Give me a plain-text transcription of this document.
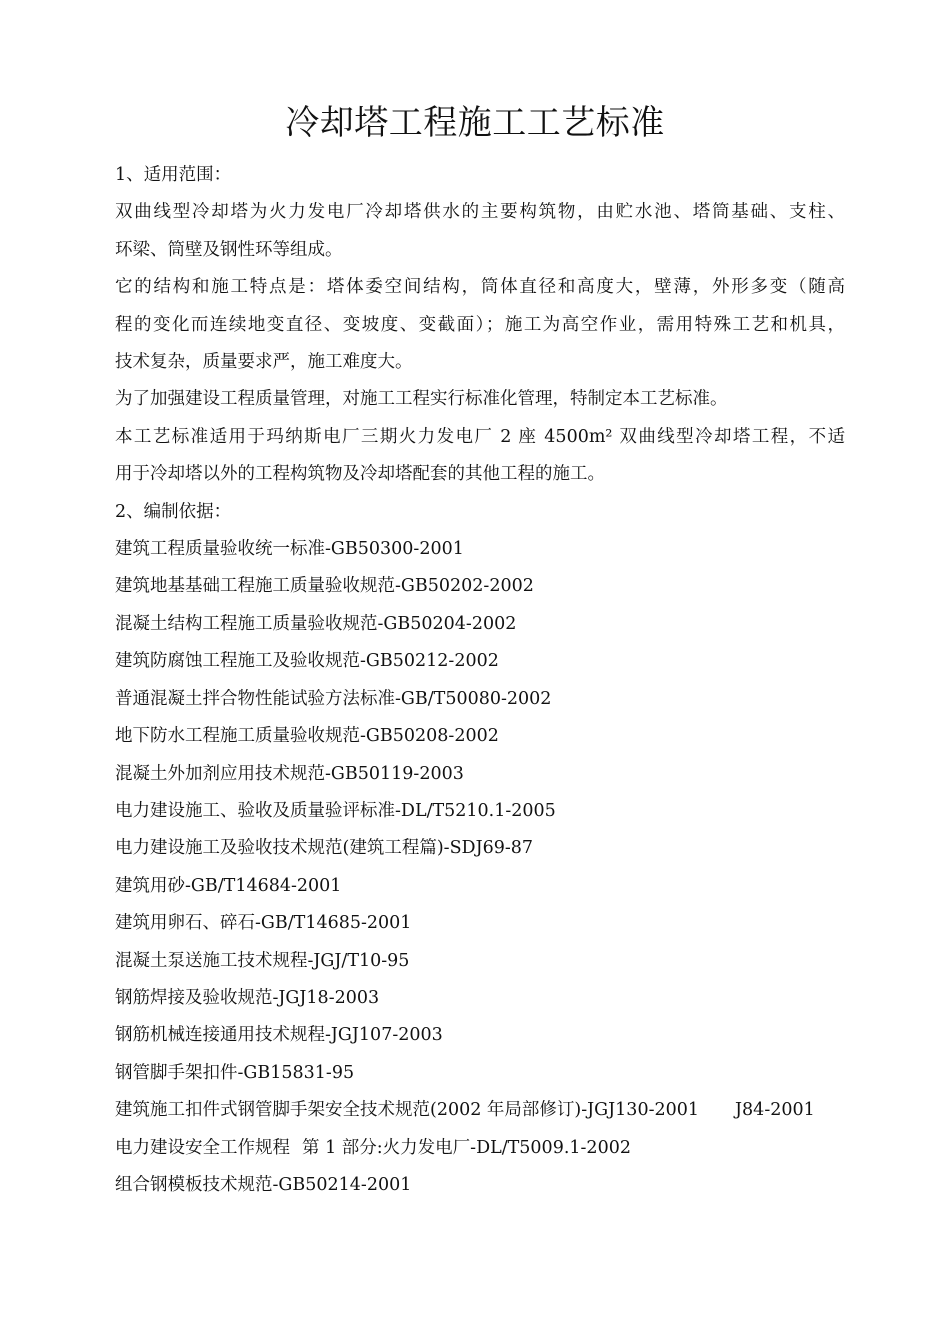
冷却塔工程施工工艺标准
1、适用范围：
双曲线型冷却塔为火力发电厂冷却塔供水的主要构筑物，由贮水池、塔筒基础、支柱、
环梁、筒壁及钢性环等组成。
它的结构和施工特点是：塔体委空间结构，筒体直径和高度大，壁薄，外形多变（随高
程的变化而连续地变直径、变坡度、变截面）；施工为高空作业，需用特殊工艺和机具，
技术复杂，质量要求严，施工难度大。
为了加强建设工程质量管理，对施工工程实行标准化管理，特制定本工艺标准。
本工艺标准适用于玛纳斯电厂三期火力发电厂 2 座 4500m² 双曲线型冷却塔工程，不适
用于冷却塔以外的工程构筑物及冷却塔配套的其他工程的施工。
2、编制依据：
建筑工程质量验收统一标准-GB50300-2001
建筑地基基础工程施工质量验收规范-GB50202-2002
混凝土结构工程施工质量验收规范-GB50204-2002
建筑防腐蚀工程施工及验收规范-GB50212-2002
普通混凝土拌合物性能试验方法标准-GB/T50080-2002
地下防水工程施工质量验收规范-GB50208-2002
混凝土外加剂应用技术规范-GB50119-2003
电力建设施工、验收及质量验评标准-DL/T5210.1-2005
电力建设施工及验收技术规范(建筑工程篇)-SDJ69-87
建筑用砂-GB/T14684-2001
建筑用卵石、碎石-GB/T14685-2001
混凝土泵送施工技术规程-JGJ/T10-95
钢筋焊接及验收规范-JGJ18-2003
钢筋机械连接通用技术规程-JGJ107-2003
钢管脚手架扣件-GB15831-95
建筑施工扣件式钢管脚手架安全技术规范(2002 年局部修订)-JGJ130-2001 J84-2001
电力建设安全工作规程 第 1 部分:火力发电厂-DL/T5009.1-2002
组合钢模板技术规范-GB50214-2001
